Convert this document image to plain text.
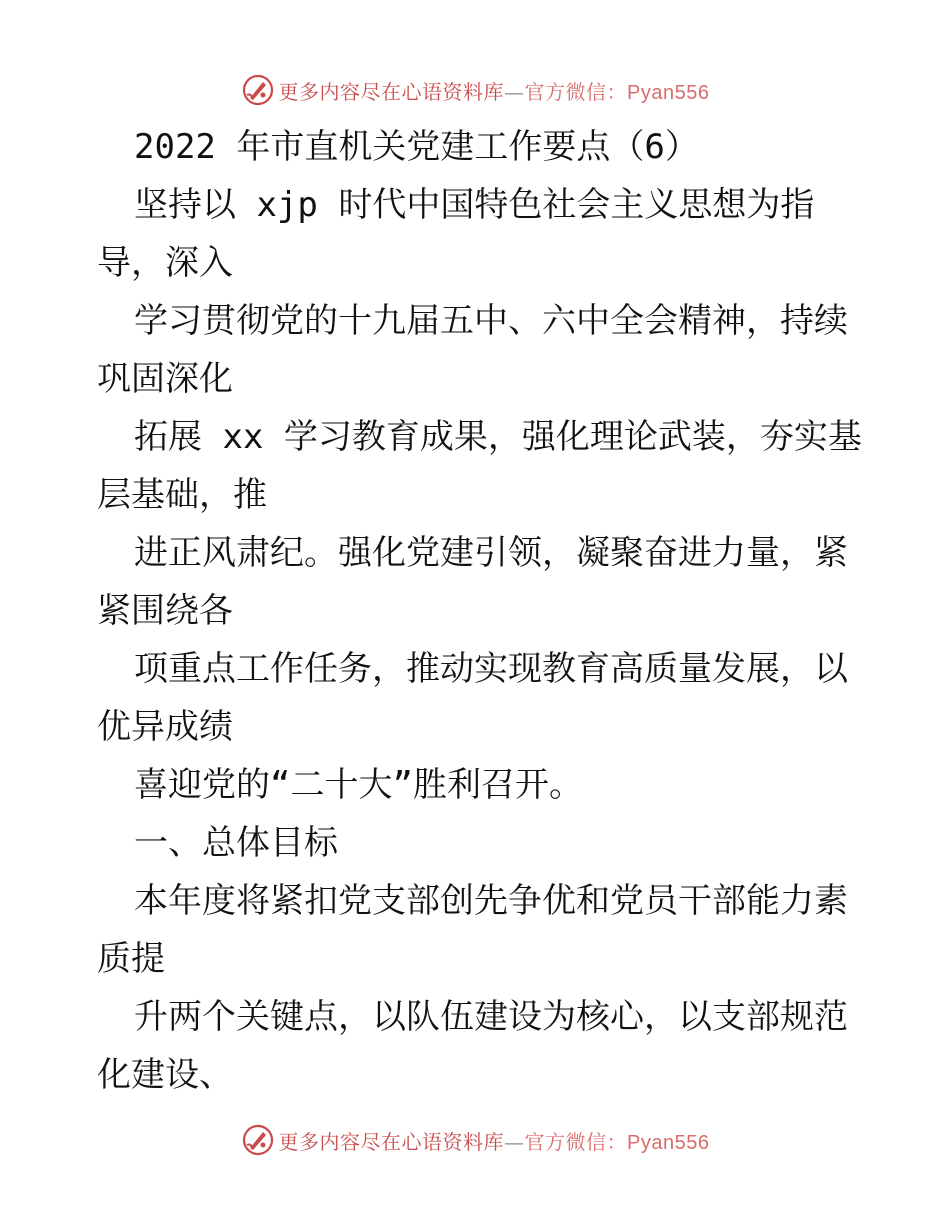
更多内容尽在心语资料库—官方微信：Pyan556
2022 年市直机关党建工作要点（6）
坚持以 xjp 时代中国特色社会主义思想为指
导，深入
学习贯彻党的十九届五中、六中全会精神，持续
巩固深化
拓展 xx 学习教育成果，强化理论武装，夯实基
层基础，推
进正风肃纪。强化党建引领，凝聚奋进力量，紧
紧围绕各
项重点工作任务，推动实现教育高质量发展，以
优异成绩
喜迎党的“二十大”胜利召开。
一、总体目标
本年度将紧扣党支部创先争优和党员干部能力素
质提
升两个关键点，以队伍建设为核心，以支部规范
化建设、
更多内容尽在心语资料库—官方微信：Pyan556
